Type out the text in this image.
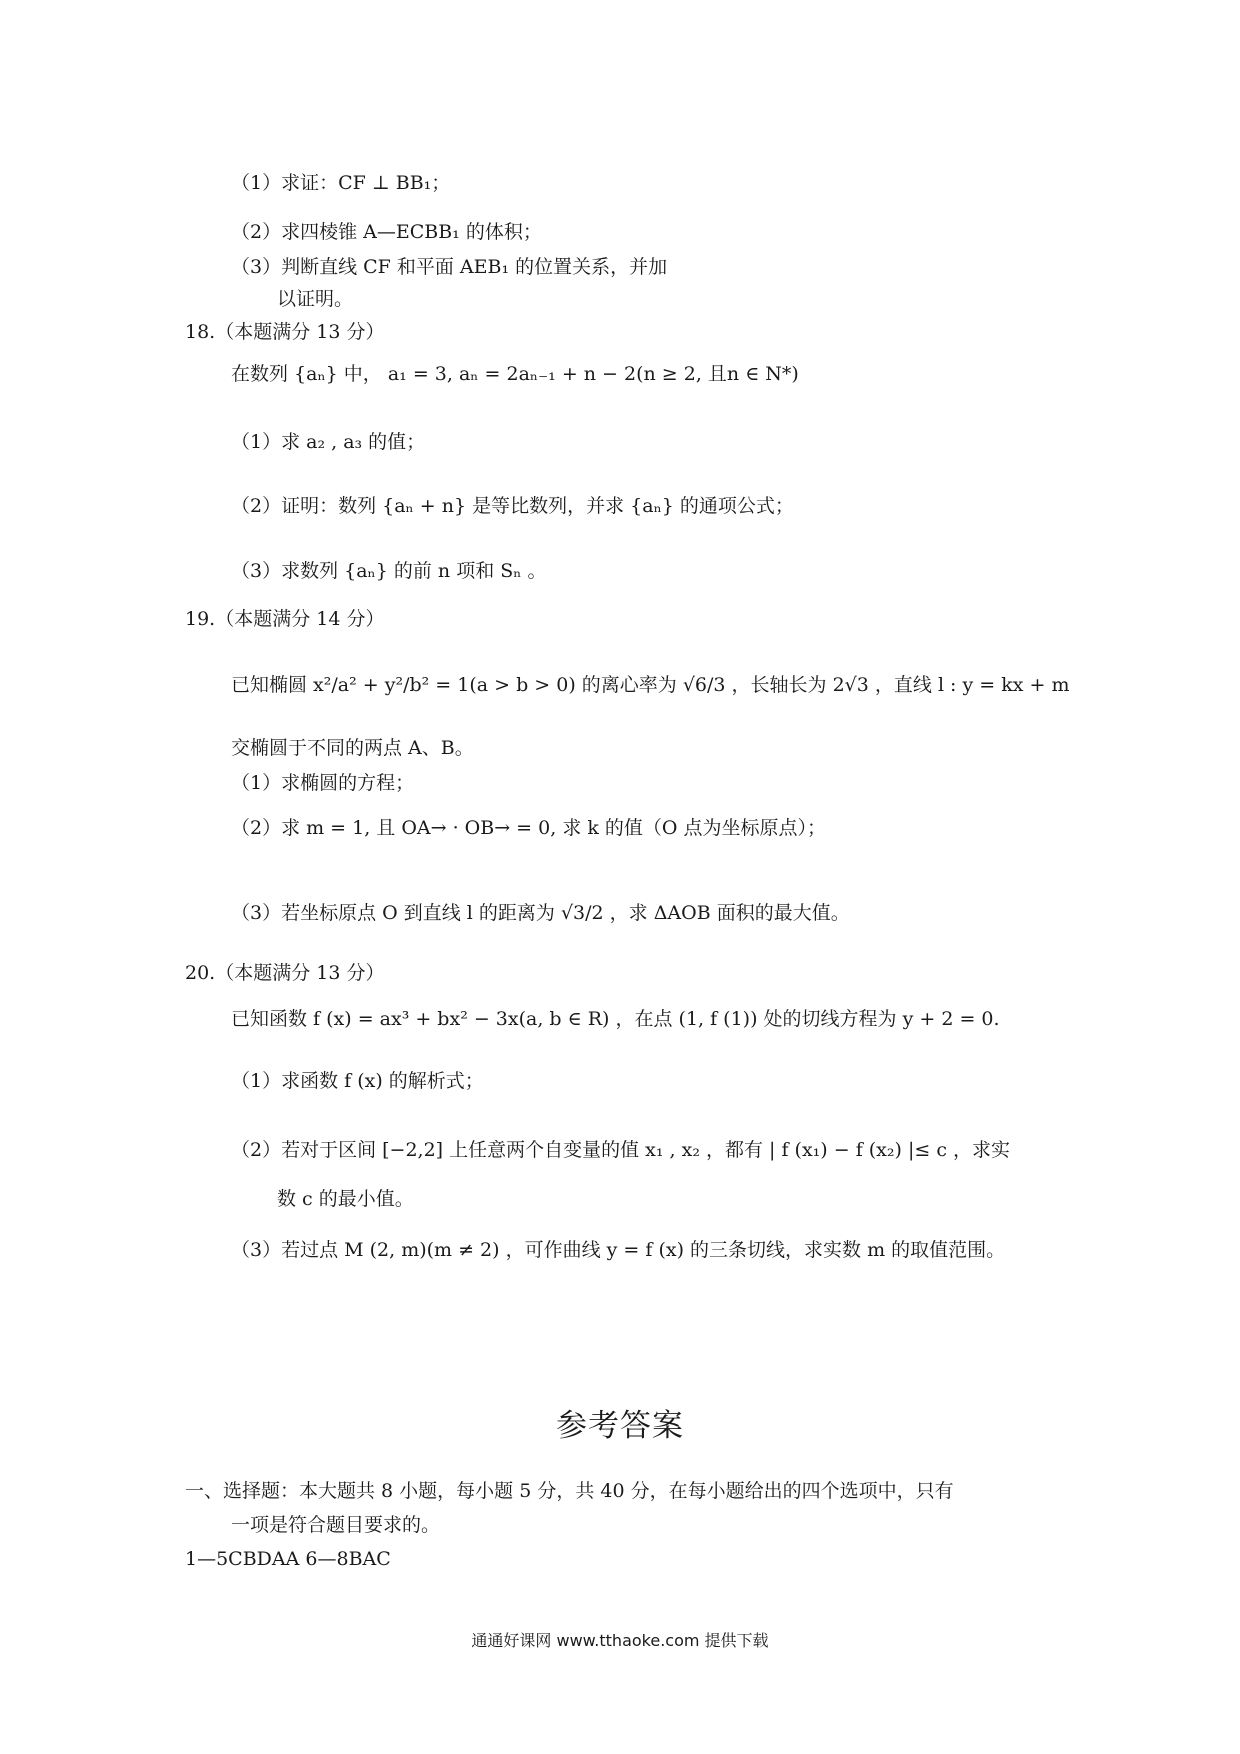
（1）求证：CF ⊥ BB₁；
（2）求四棱锥 A—ECBB₁ 的体积；
（3）判断直线 CF 和平面 AEB₁ 的位置关系，并加
以证明。
18.（本题满分 13 分）
在数列 {aₙ} 中， a₁ = 3, aₙ = 2aₙ₋₁ + n − 2(n ≥ 2, 且n ∈ N*)
（1）求 a₂ , a₃ 的值；
（2）证明：数列 {aₙ + n} 是等比数列，并求 {aₙ} 的通项公式；
（3）求数列 {aₙ} 的前 n 项和 Sₙ 。
19.（本题满分 14 分）
已知椭圆 x²/a² + y²/b² = 1(a > b > 0) 的离心率为 √6/3 ，长轴长为 2√3 ，直线 l : y = kx + m
交椭圆于不同的两点 A、B。
（1）求椭圆的方程；
（2）求 m = 1, 且 OA→ · OB→ = 0, 求 k 的值（O 点为坐标原点）；
（3）若坐标原点 O 到直线 l 的距离为 √3/2 ，求 ΔAOB 面积的最大值。
20.（本题满分 13 分）
已知函数 f (x) = ax³ + bx² − 3x(a, b ∈ R) ，在点 (1, f (1)) 处的切线方程为 y + 2 = 0.
（1）求函数 f (x) 的解析式；
（2）若对于区间 [−2,2] 上任意两个自变量的值 x₁ , x₂ ，都有 | f (x₁) − f (x₂) |≤ c ，求实
数 c 的最小值。
（3）若过点 M (2, m)(m ≠ 2) ，可作曲线 y = f (x) 的三条切线，求实数 m 的取值范围。
参考答案
一、选择题：本大题共 8 小题，每小题 5 分，共 40 分，在每小题给出的四个选项中，只有
一项是符合题目要求的。
1—5CBDAA 6—8BAC
通通好课网 www.tthaoke.com 提供下载
